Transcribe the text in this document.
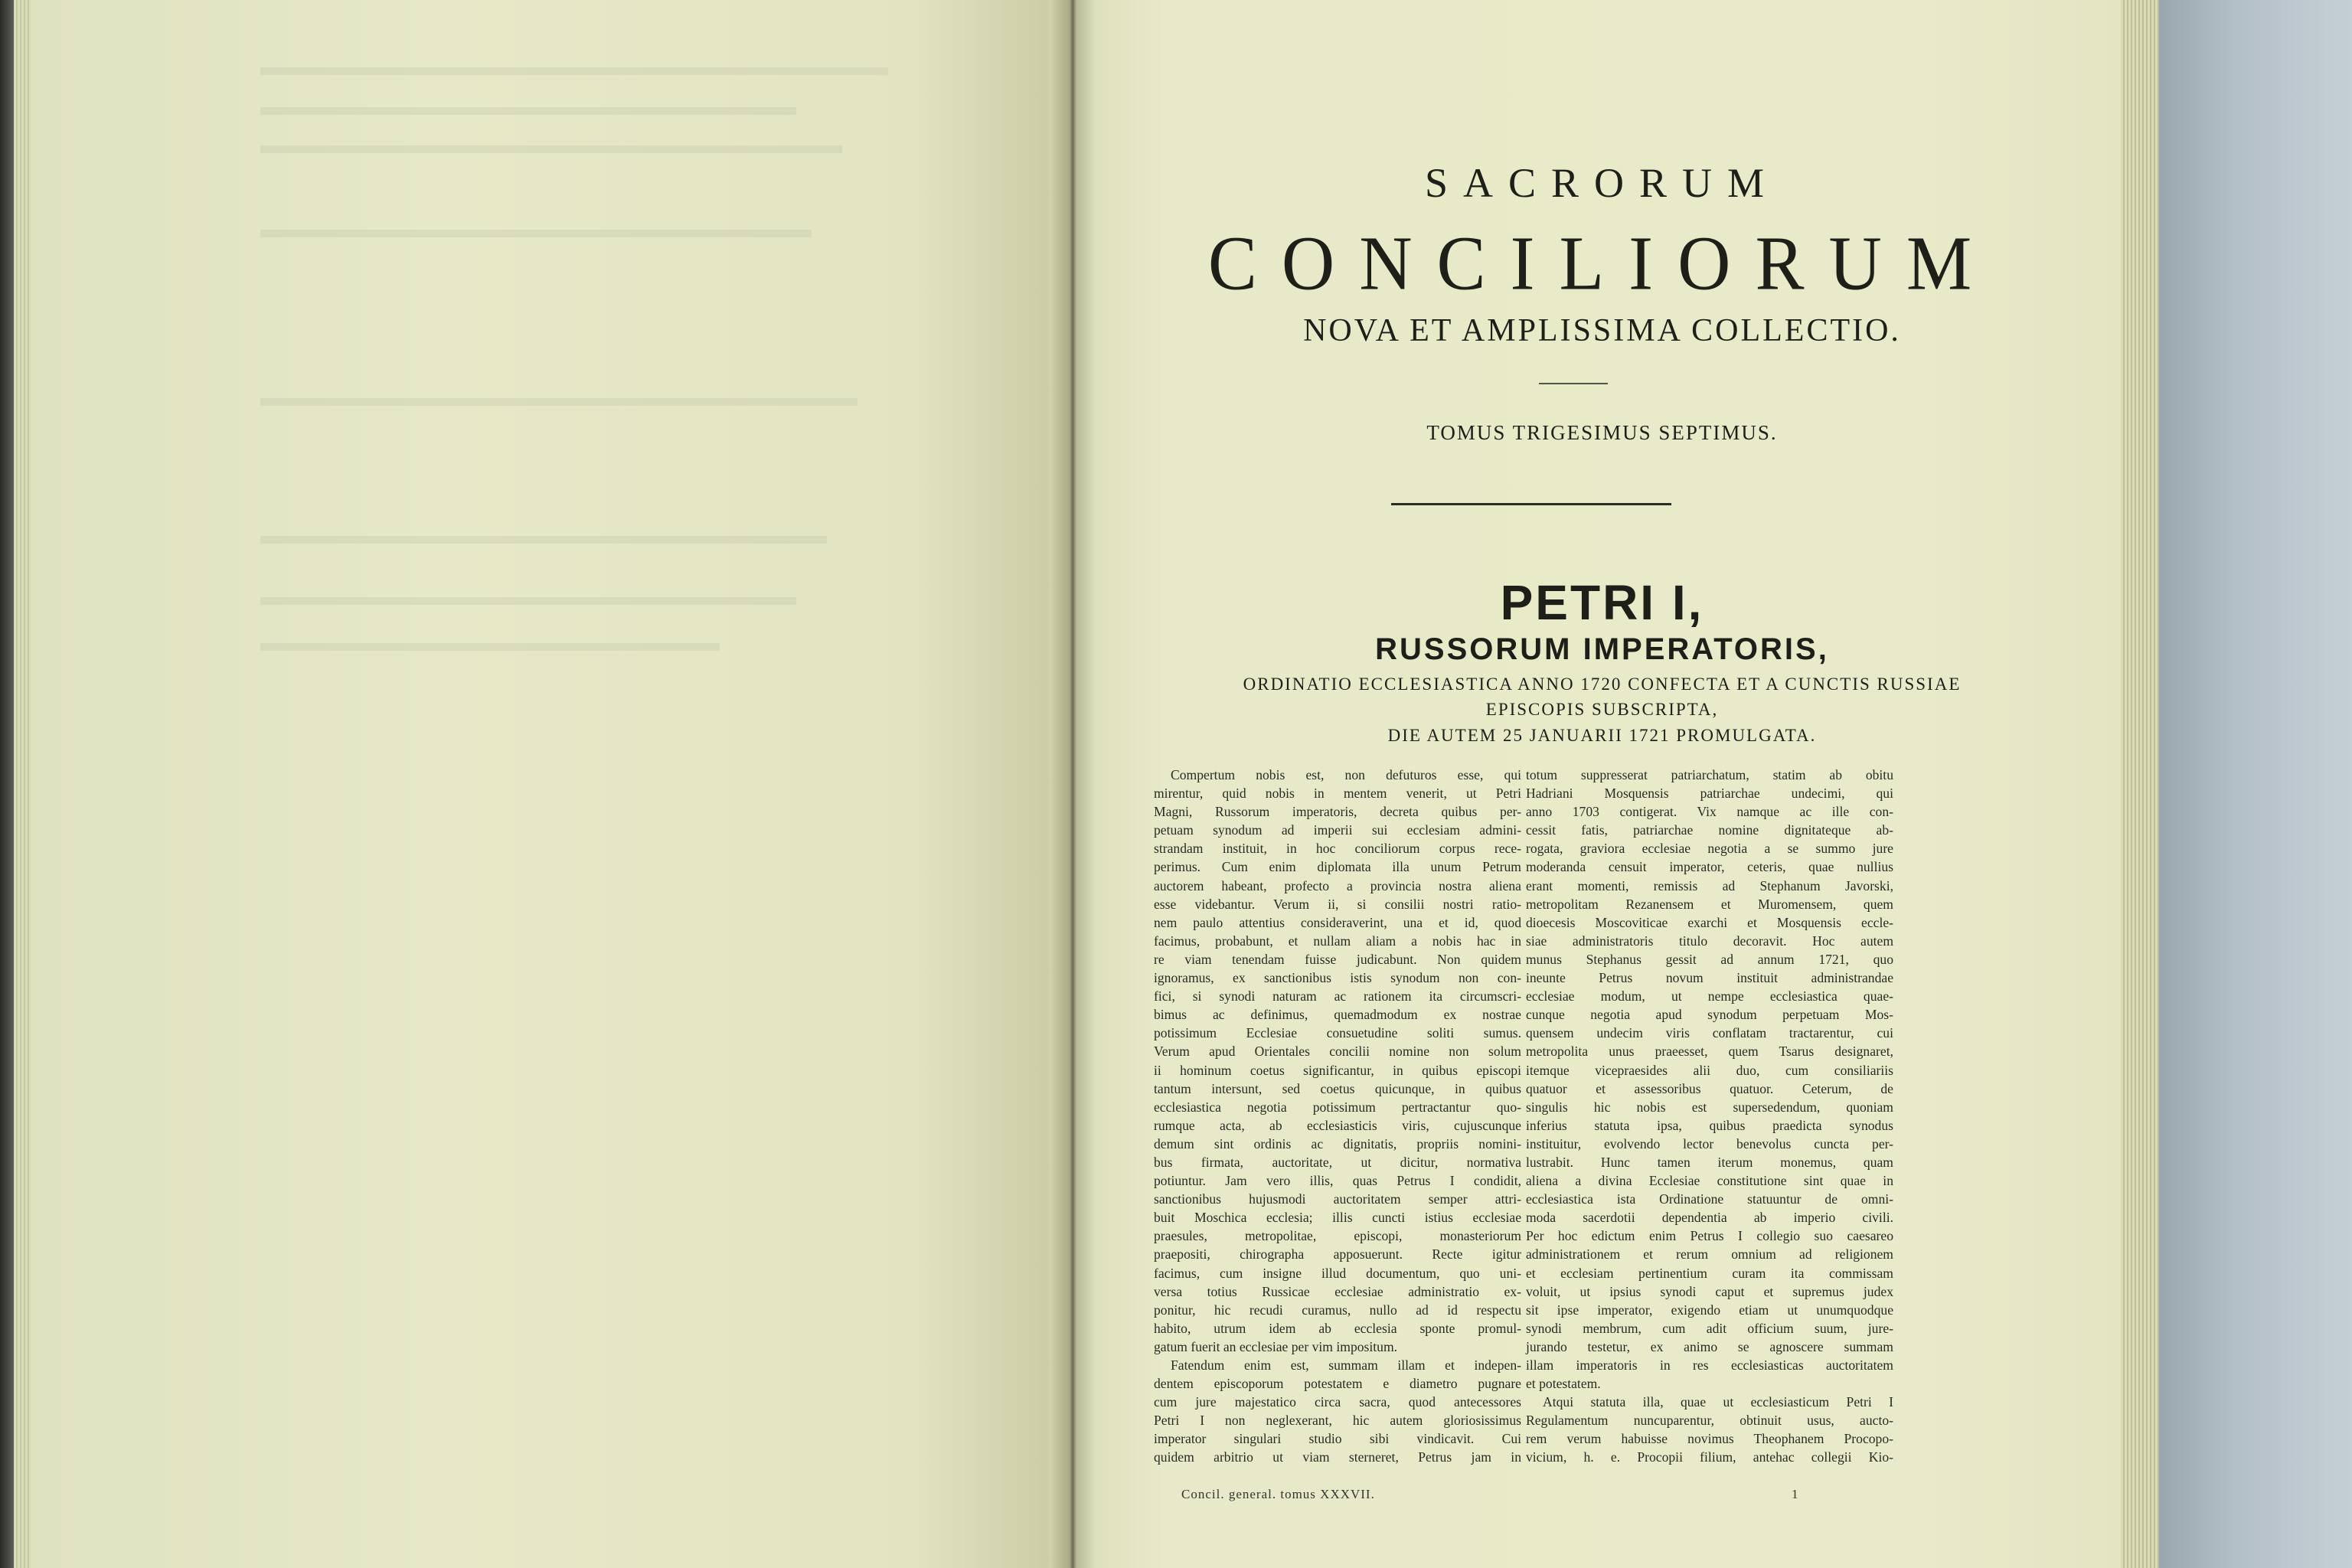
SACRORUM
CONCILIORUM
NOVA ET AMPLISSIMA COLLECTIO.
TOMUS TRIGESIMUS SEPTIMUS.
PETRI I,
RUSSORUM IMPERATORIS,
ORDINATIO ECCLESIASTICA ANNO 1720 CONFECTA ET A CUNCTIS RUSSIAE
EPISCOPIS SUBSCRIPTA,
DIE AUTEM 25 JANUARII 1721 PROMULGATA.
Compertum nobis est, non defuturos esse, qui
mirentur, quid nobis in mentem venerit, ut Petri
Magni, Russorum imperatoris, decreta quibus per-
petuam synodum ad imperii sui ecclesiam admini-
strandam instituit, in hoc conciliorum corpus rece-
perimus. Cum enim diplomata illa unum Petrum
auctorem habeant, profecto a provincia nostra aliena
esse videbantur. Verum ii, si consilii nostri ratio-
nem paulo attentius consideraverint, una et id, quod
facimus, probabunt, et nullam aliam a nobis hac in
re viam tenendam fuisse judicabunt. Non quidem
ignoramus, ex sanctionibus istis synodum non con-
fici, si synodi naturam ac rationem ita circumscri-
bimus ac definimus, quemadmodum ex nostrae
potissimum Ecclesiae consuetudine soliti sumus.
Verum apud Orientales concilii nomine non solum
ii hominum coetus significantur, in quibus episcopi
tantum intersunt, sed coetus quicunque, in quibus
ecclesiastica negotia potissimum pertractantur quo-
rumque acta, ab ecclesiasticis viris, cujuscunque
demum sint ordinis ac dignitatis, propriis nomini-
bus firmata, auctoritate, ut dicitur, normativa
potiuntur. Jam vero illis, quas Petrus I condidit,
sanctionibus hujusmodi auctoritatem semper attri-
buit Moschica ecclesia; illis cuncti istius ecclesiae
praesules, metropolitae, episcopi, monasteriorum
praepositi, chirographa apposuerunt. Recte igitur
facimus, cum insigne illud documentum, quo uni-
versa totius Russicae ecclesiae administratio ex-
ponitur, hic recudi curamus, nullo ad id respectu
habito, utrum idem ab ecclesia sponte promul-
gatum fuerit an ecclesiae per vim impositum.
Fatendum enim est, summam illam et indepen-
dentem episcoporum potestatem e diametro pugnare
cum jure majestatico circa sacra, quod antecessores
Petri I non neglexerant, hic autem gloriosissimus
imperator singulari studio sibi vindicavit. Cui
quidem arbitrio ut viam sterneret, Petrus jam in
totum suppresserat patriarchatum, statim ab obitu
Hadriani Mosquensis patriarchae undecimi, qui
anno 1703 contigerat. Vix namque ac ille con-
cessit fatis, patriarchae nomine dignitateque ab-
rogata, graviora ecclesiae negotia a se summo jure
moderanda censuit imperator, ceteris, quae nullius
erant momenti, remissis ad Stephanum Javorski,
metropolitam Rezanensem et Muromensem, quem
dioecesis Moscoviticae exarchi et Mosquensis eccle-
siae administratoris titulo decoravit. Hoc autem
munus Stephanus gessit ad annum 1721, quo
ineunte Petrus novum instituit administrandae
ecclesiae modum, ut nempe ecclesiastica quae-
cunque negotia apud synodum perpetuam Mos-
quensem undecim viris conflatam tractarentur, cui
metropolita unus praeesset, quem Tsarus designaret,
itemque vicepraesides alii duo, cum consiliariis
quatuor et assessoribus quatuor. Ceterum, de
singulis hic nobis est supersedendum, quoniam
inferius statuta ipsa, quibus praedicta synodus
instituitur, evolvendo lector benevolus cuncta per-
lustrabit. Hunc tamen iterum monemus, quam
aliena a divina Ecclesiae constitutione sint quae in
ecclesiastica ista Ordinatione statuuntur de omni-
moda sacerdotii dependentia ab imperio civili.
Per hoc edictum enim Petrus I collegio suo caesareo
administrationem et rerum omnium ad religionem
et ecclesiam pertinentium curam ita commissam
voluit, ut ipsius synodi caput et supremus judex
sit ipse imperator, exigendo etiam ut unumquodque
synodi membrum, cum adit officium suum, jure-
jurando testetur, ex animo se agnoscere summam
illam imperatoris in res ecclesiasticas auctoritatem
et potestatem.
Atqui statuta illa, quae ut ecclesiasticum Petri I
Regulamentum nuncuparentur, obtinuit usus, aucto-
rem verum habuisse novimus Theophanem Procopo-
vicium, h. e. Procopii filium, antehac collegii Kio-
Concil. general. tomus XXXVII.	1
